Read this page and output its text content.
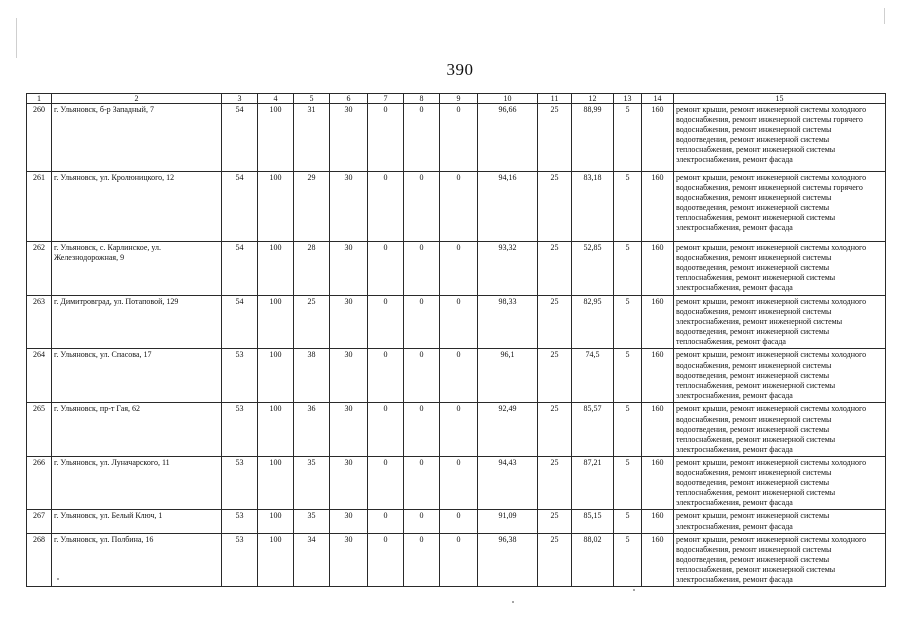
390
1	2	3	4	5	6	7	8	9	10	11	12	13	14	15
260	г. Ульяновск, б-р Западный, 7	54	100	31	30	0	0	0	96,66	25	88,99	5	160	ремонт крыши, ремонт инженерной системы холодного водоснабжения, ремонт инженерной системы горячего водоснабжения, ремонт инженерной системы водоотведения, ремонт инженерной системы теплоснабжения, ремонт инженерной системы электроснабжения, ремонт фасада
261	г. Ульяновск, ул. Кролюницкого, 12	54	100	29	30	0	0	0	94,16	25	83,18	5	160	ремонт крыши, ремонт инженерной системы холодного водоснабжения, ремонт инженерной системы горячего водоснабжения, ремонт инженерной системы водоотведения, ремонт инженерной системы теплоснабжения, ремонт инженерной системы электроснабжения, ремонт фасада
262	г. Ульяновск, с. Карлинское, ул. Железнодорожная, 9	54	100	28	30	0	0	0	93,32	25	52,85	5	160	ремонт крыши, ремонт инженерной системы холодного водоснабжения, ремонт инженерной системы водоотведения, ремонт инженерной системы теплоснабжения, ремонт инженерной системы электроснабжения, ремонт фасада
263	г. Димитровград, ул. Потаповой, 129	54	100	25	30	0	0	0	98,33	25	82,95	5	160	ремонт крыши, ремонт инженерной системы холодного водоснабжения, ремонт инженерной системы электроснабжения, ремонт инженерной системы водоотведения, ремонт инженерной системы теплоснабжения, ремонт фасада
264	г. Ульяновск, ул. Спасова, 17	53	100	38	30	0	0	0	96,1	25	74,5	5	160	ремонт крыши, ремонт инженерной системы холодного водоснабжения, ремонт инженерной системы водоотведения, ремонт инженерной системы теплоснабжения, ремонт инженерной системы электроснабжения, ремонт фасада
265	г. Ульяновск, пр-т Гая, 62	53	100	36	30	0	0	0	92,49	25	85,57	5	160	ремонт крыши, ремонт инженерной системы холодного водоснабжения, ремонт инженерной системы водоотведения, ремонт инженерной системы теплоснабжения, ремонт инженерной системы электроснабжения, ремонт фасада
266	г. Ульяновск, ул. Луначарского, 11	53	100	35	30	0	0	0	94,43	25	87,21	5	160	ремонт крыши, ремонт инженерной системы холодного водоснабжения, ремонт инженерной системы водоотведения, ремонт инженерной системы теплоснабжения, ремонт инженерной системы электроснабжения, ремонт фасада
267	г. Ульяновск, ул. Белый Ключ, 1	53	100	35	30	0	0	0	91,09	25	85,15	5	160	ремонт крыши, ремонт инженерной системы электроснабжения, ремонт фасада
268	г. Ульяновск, ул. Полбина, 16	53	100	34	30	0	0	0	96,38	25	88,02	5	160	ремонт крыши, ремонт инженерной системы холодного водоснабжения, ремонт инженерной системы водоотведения, ремонт инженерной системы теплоснабжения, ремонт инженерной системы электроснабжения, ремонт фасада
